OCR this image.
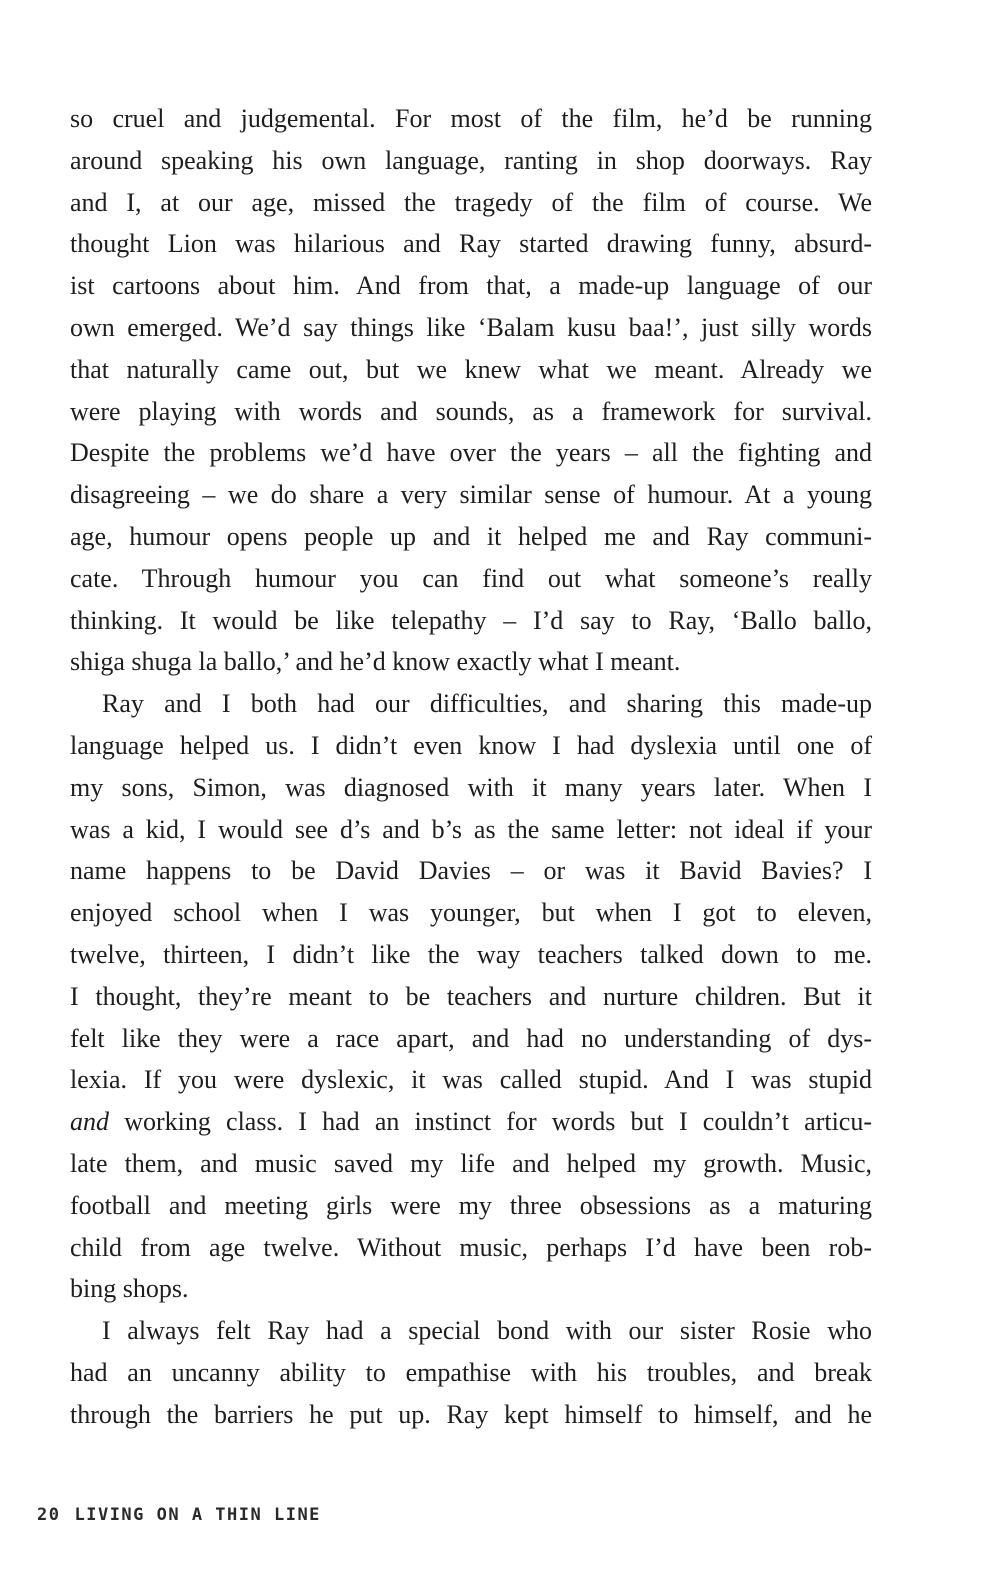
so cruel and judgemental. For most of the film, he’d be running
around speaking his own language, ranting in shop doorways. Ray
and I, at our age, missed the tragedy of the film of course. We
thought Lion was hilarious and Ray started drawing funny, absurd-
ist cartoons about him. And from that, a made-up language of our
own emerged. We’d say things like ‘Balam kusu baa!’, just silly words
that naturally came out, but we knew what we meant. Already we
were playing with words and sounds, as a framework for survival.
Despite the problems we’d have over the years – all the fighting and
disagreeing – we do share a very similar sense of humour. At a young
age, humour opens people up and it helped me and Ray communi-
cate. Through humour you can find out what someone’s really
thinking. It would be like telepathy – I’d say to Ray, ‘Ballo ballo,
shiga shuga la ballo,’ and he’d know exactly what I meant.
Ray and I both had our difficulties, and sharing this made-up
language helped us. I didn’t even know I had dyslexia until one of
my sons, Simon, was diagnosed with it many years later. When I
was a kid, I would see d’s and b’s as the same letter: not ideal if your
name happens to be David Davies – or was it Bavid Bavies? I
enjoyed school when I was younger, but when I got to eleven,
twelve, thirteen, I didn’t like the way teachers talked down to me.
I thought, they’re meant to be teachers and nurture children. But it
felt like they were a race apart, and had no understanding of dys-
lexia. If you were dyslexic, it was called stupid. And I was stupid
and working class. I had an instinct for words but I couldn’t articu-
late them, and music saved my life and helped my growth. Music,
football and meeting girls were my three obsessions as a maturing
child from age twelve. Without music, perhaps I’d have been rob-
bing shops.
I always felt Ray had a special bond with our sister Rosie who
had an uncanny ability to empathise with his troubles, and break
through the barriers he put up. Ray kept himself to himself, and he
20 LIVING ON A THIN LINE
